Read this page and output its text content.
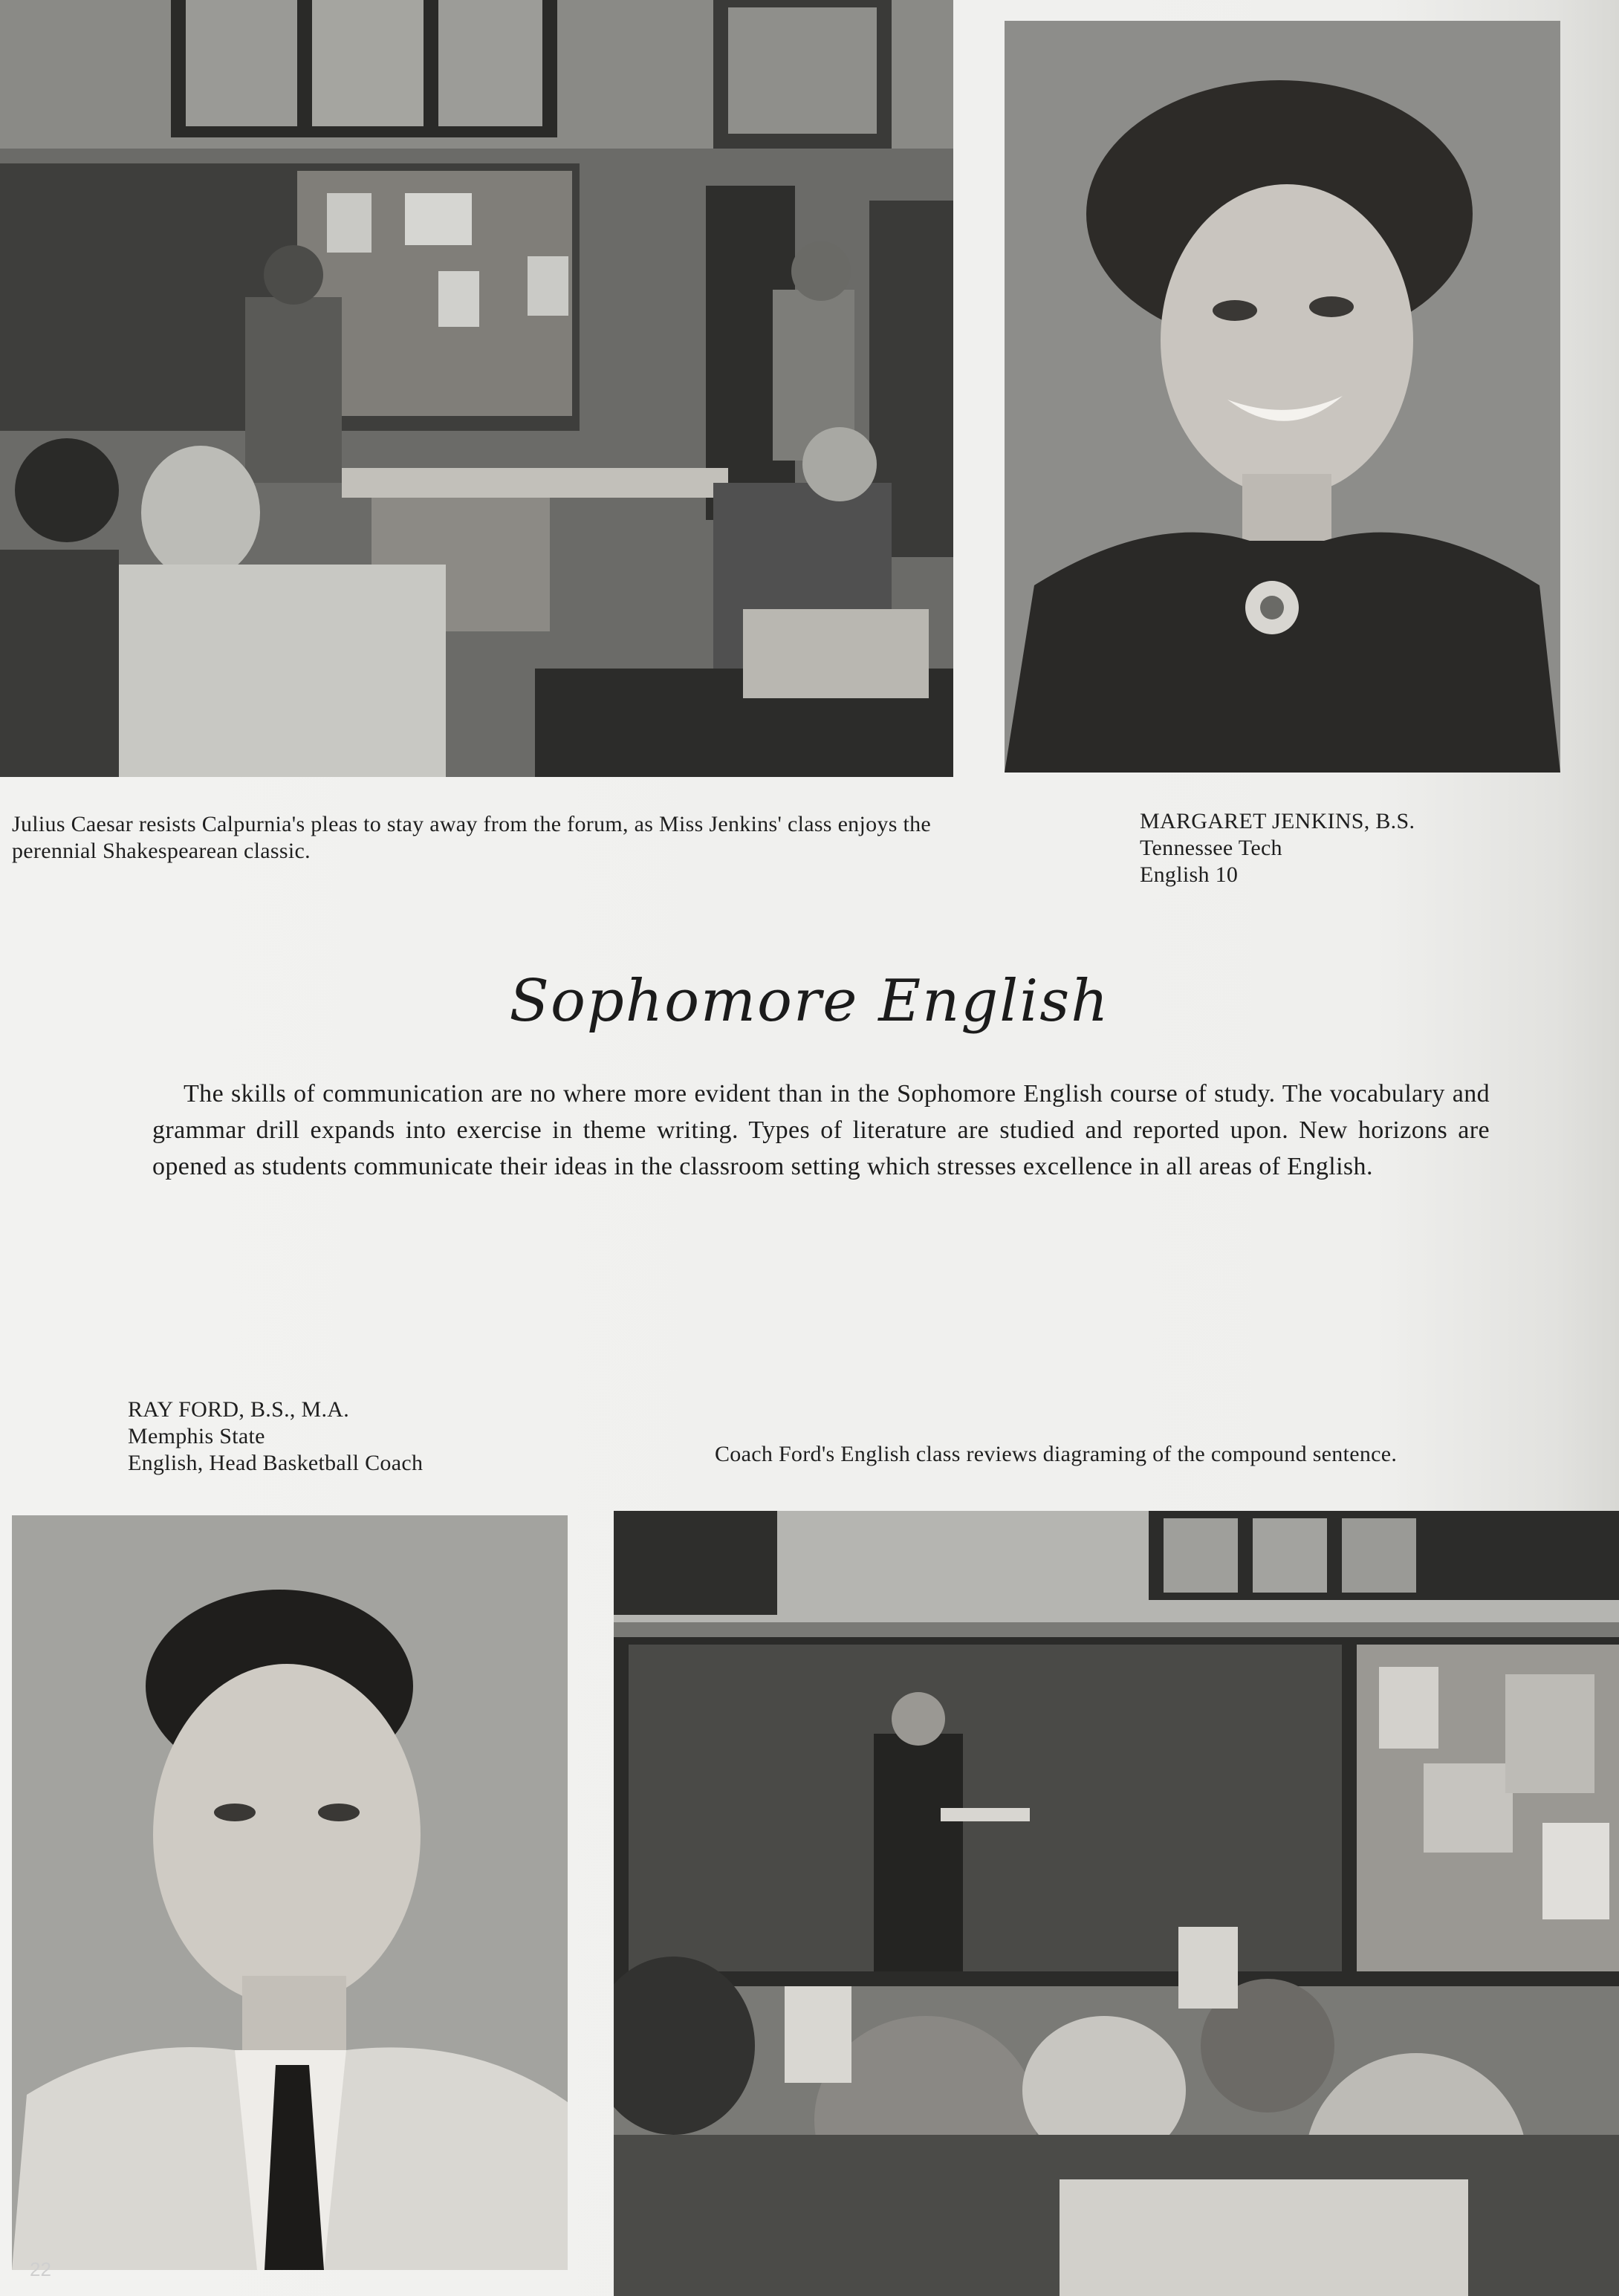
Julius Caesar resists Calpurnia's pleas to stay away from the forum, as Miss Jenkins' class enjoys the perennial Shakespearean classic.
MARGARET JENKINS, B.S.
Tennessee Tech
English 10
Sophomore English
The skills of communication are no where more evident than in the Sophomore English course of study. The vocabulary and grammar drill expands into exercise in theme writing. Types of literature are studied and reported upon. New horizons are opened as students communicate their ideas in the classroom setting which stresses excellence in all areas of English.
RAY FORD, B.S., M.A.
Memphis State
English, Head Basketball Coach	Coach Ford's English class reviews diagraming of the compound sentence.
22
